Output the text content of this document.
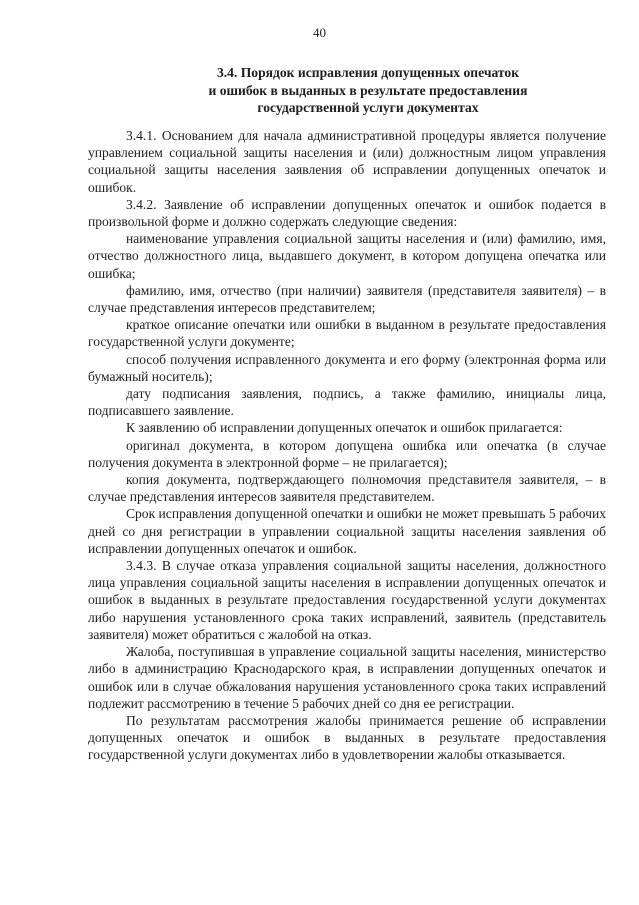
40
3.4. Порядок исправления допущенных опечаток
и ошибок в выданных в результате предоставления
государственной услуги документах

3.4.1. Основанием для начала административной процедуры является получение управлением социальной защиты населения и (или) должностным лицом управления социальной защиты населения заявления об исправлении допущенных опечаток и ошибок.

3.4.2. Заявление об исправлении допущенных опечаток и ошибок подается в произвольной форме и должно содержать следующие сведения:

наименование управления социальной защиты населения и (или) фамилию, имя, отчество должностного лица, выдавшего документ, в котором допущена опечатка или ошибка;

фамилию, имя, отчество (при наличии) заявителя (представителя заявителя) – в случае представления интересов представителем;

краткое описание опечатки или ошибки в выданном в результате предоставления государственной услуги документе;

способ получения исправленного документа и его форму (электронная форма или бумажный носитель);

дату подписания заявления, подпись, а также фамилию, инициалы лица, подписавшего заявление.

К заявлению об исправлении допущенных опечаток и ошибок прилагается:

оригинал документа, в котором допущена ошибка или опечатка (в случае получения документа в электронной форме – не прилагается);

копия документа, подтверждающего полномочия представителя заявителя, – в случае представления интересов заявителя представителем.

Срок исправления допущенной опечатки и ошибки не может превышать 5 рабочих дней со дня регистрации в управлении социальной защиты населения заявления об исправлении допущенных опечаток и ошибок.

3.4.3. В случае отказа управления социальной защиты населения, должностного лица управления социальной защиты населения в исправлении допущенных опечаток и ошибок в выданных в результате предоставления государственной услуги документах либо нарушения установленного срока таких исправлений, заявитель (представитель заявителя) может обратиться с жалобой на отказ.

Жалоба, поступившая в управление социальной защиты населения, министерство либо в администрацию Краснодарского края, в исправлении допущенных опечаток и ошибок или в случае обжалования нарушения установленного срока таких исправлений подлежит рассмотрению в течение 5 рабочих дней со дня ее регистрации.

По результатам рассмотрения жалобы принимается решение об исправлении допущенных опечаток и ошибок в выданных в результате предоставления государственной услуги документах либо в удовлетворении жалобы отказывается.
